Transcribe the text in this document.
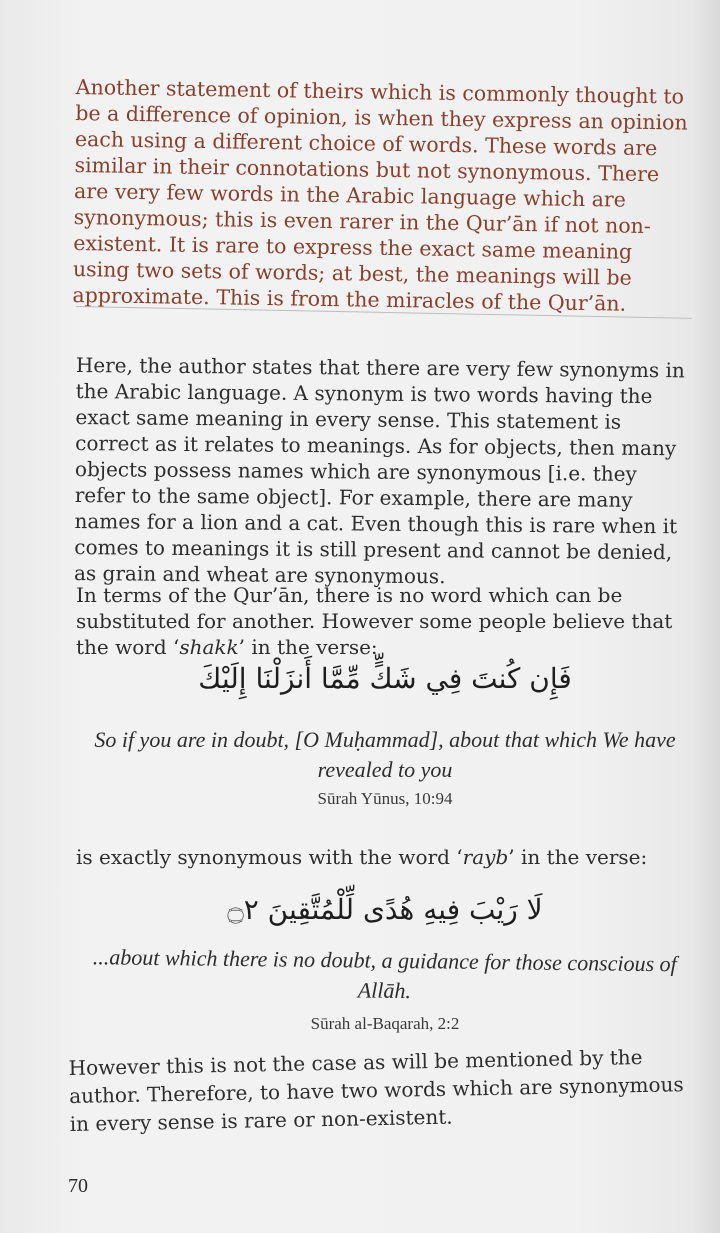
Another statement of theirs which is commonly thought to be a difference of opinion, is when they express an opinion each using a different choice of words. These words are similar in their connotations but not synonymous. There are very few words in the Arabic language which are synonymous; this is even rarer in the Qur’ān if not non-existent. It is rare to express the exact same meaning using two sets of words; at best, the meanings will be approximate. This is from the miracles of the Qur’ān.
Here, the author states that there are very few synonyms in the Arabic language. A synonym is two words having the exact same meaning in every sense. This statement is correct as it relates to meanings. As for objects, then many objects possess names which are synonymous [i.e. they refer to the same object]. For example, there are many names for a lion and a cat. Even though this is rare when it comes to meanings it is still present and cannot be denied, as grain and wheat are synonymous.
In terms of the Qur’ān, there is no word which can be substituted for another. However some people believe that the word ‘shakk’ in the verse:
فَإِن كُنتَ فِي شَكٍّ مِّمَّا أَنزَلْنَا إِلَيْكَ
So if you are in doubt, [O Muḥammad], about that which We have revealed to you
Sūrah Yūnus, 10:94
is exactly synonymous with the word ‘rayb’ in the verse:
لَا رَيْبَ فِيهِ هُدًى لِّلْمُتَّقِينَ ۝٢
...about which there is no doubt, a guidance for those conscious of Allāh.
Sūrah al-Baqarah, 2:2
However this is not the case as will be mentioned by the author. Therefore, to have two words which are synonymous in every sense is rare or non-existent.
70
